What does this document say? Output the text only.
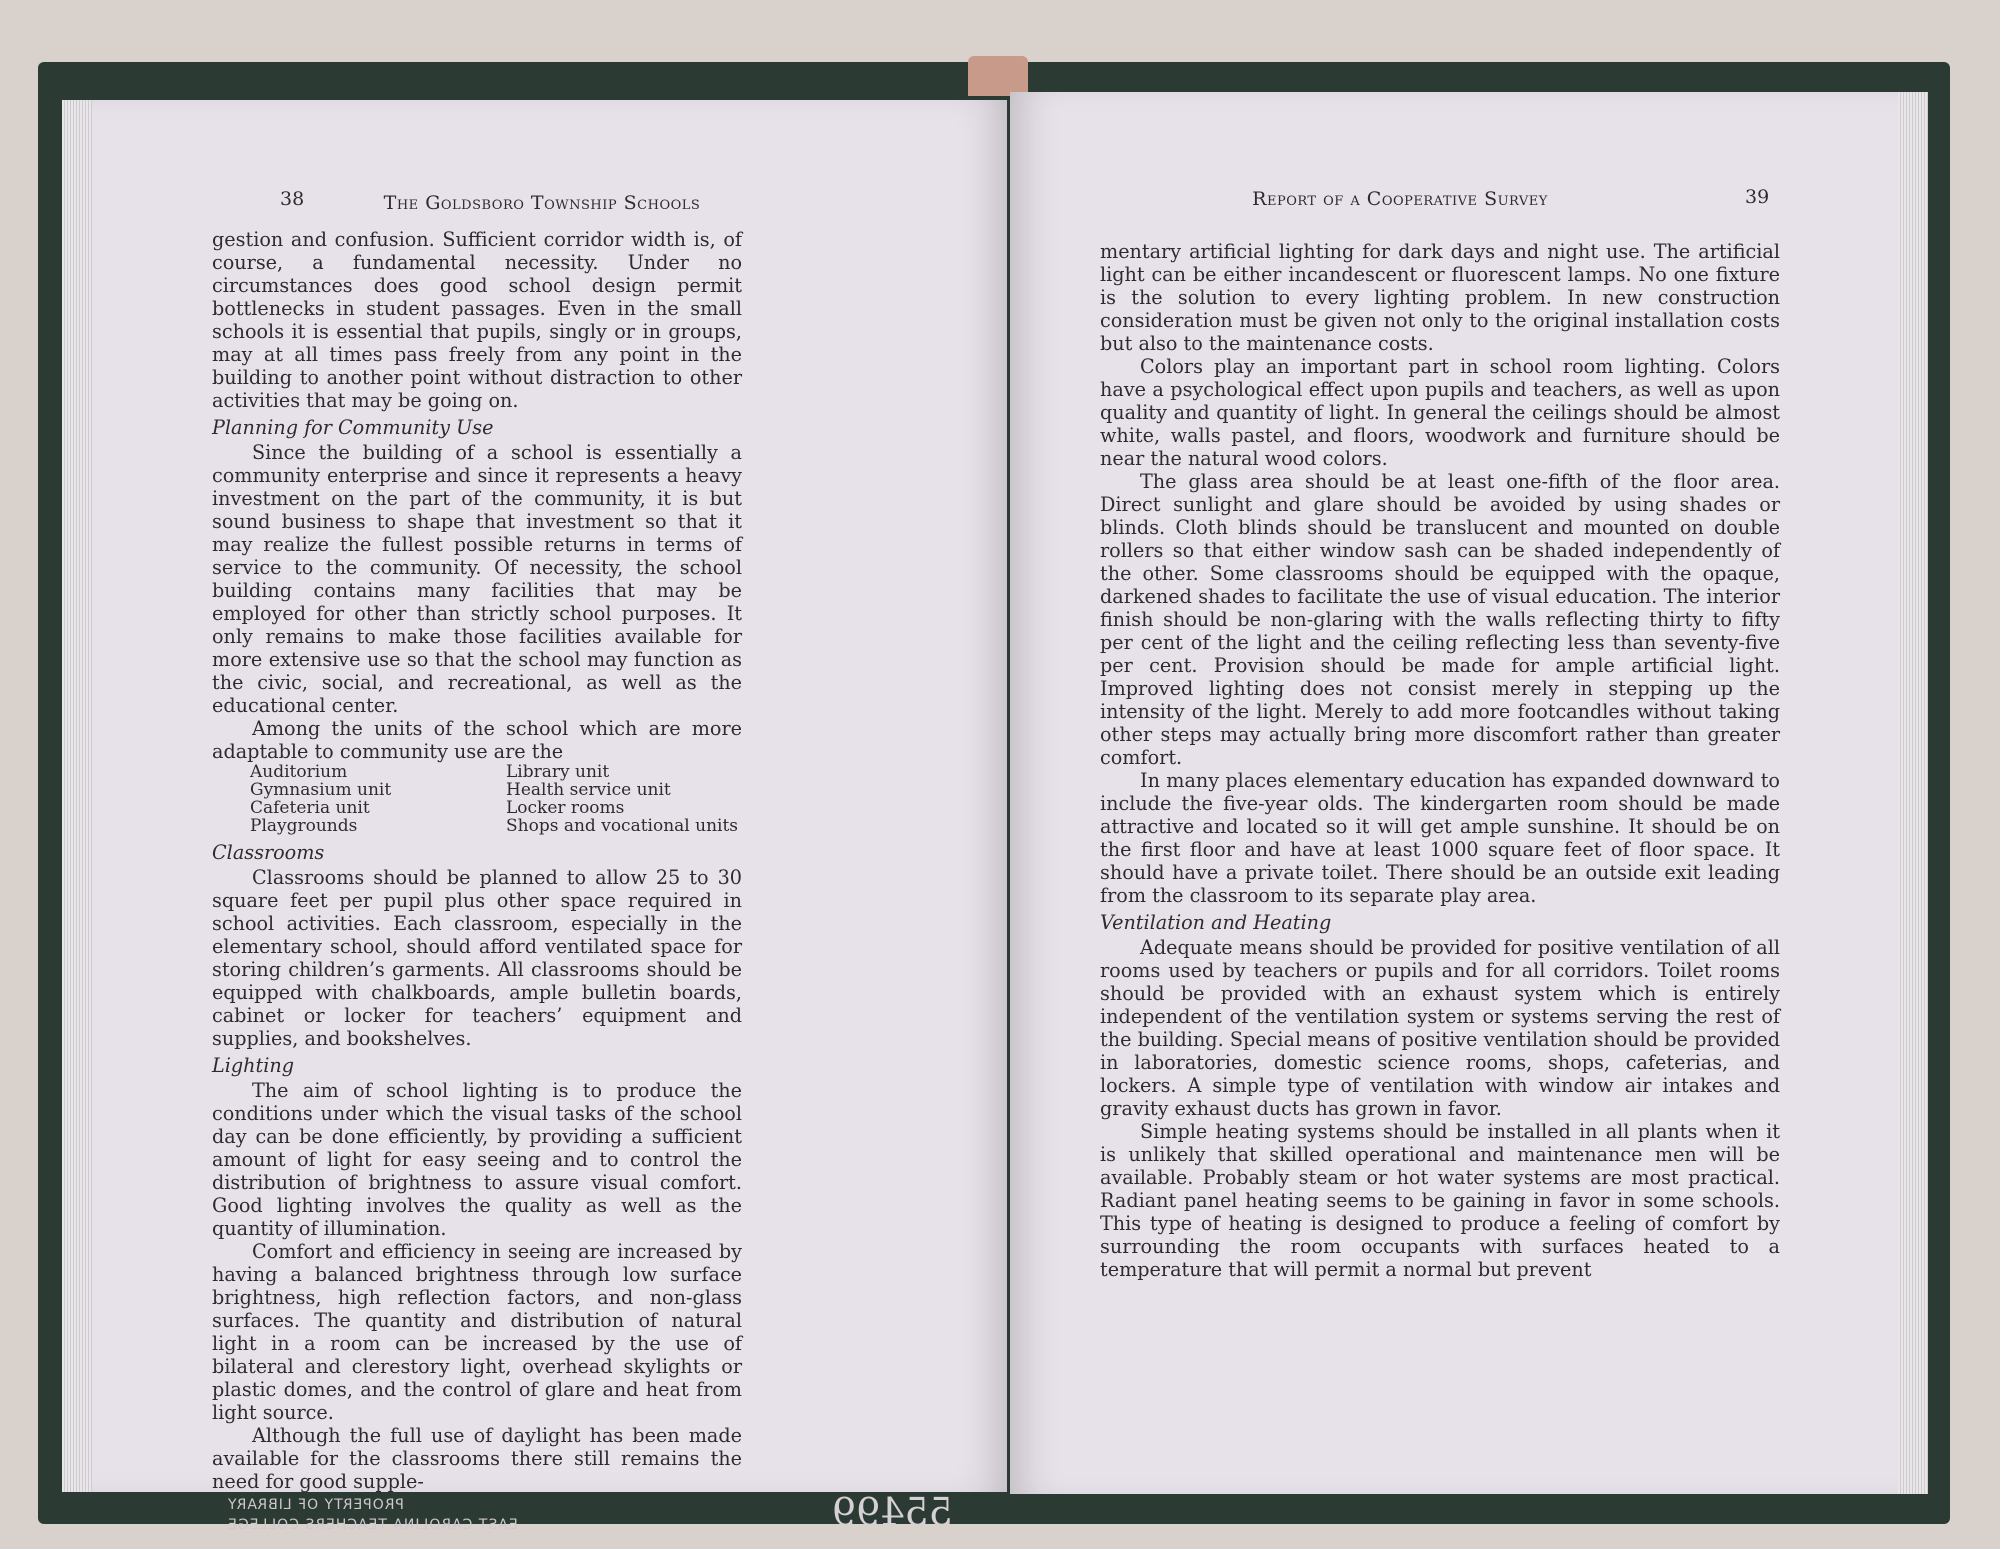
38	The Goldsboro Township Schools

gestion and confusion. Sufficient corridor width is, of course, a fundamental necessity. Under no circumstances does good school design permit bottlenecks in student passages. Even in the small schools it is essential that pupils, singly or in groups, may at all times pass freely from any point in the building to another point without distraction to other activities that may be going on.

Planning for Community Use

Since the building of a school is essentially a community enterprise and since it represents a heavy investment on the part of the community, it is but sound business to shape that investment so that it may realize the fullest possible returns in terms of service to the community. Of necessity, the school building contains many facilities that may be employed for other than strictly school purposes. It only remains to make those facilities available for more extensive use so that the school may function as the civic, social, and recreational, as well as the educational center.

Among the units of the school which are more adaptable to community use are the

Auditorium	Library unit
Gymnasium unit	Health service unit
Cafeteria unit	Locker rooms
Playgrounds	Shops and vocational units
Classrooms

Classrooms should be planned to allow 25 to 30 square feet per pupil plus other space required in school activities. Each classroom, especially in the elementary school, should afford ventilated space for storing children’s garments. All classrooms should be equipped with chalkboards, ample bulletin boards, cabinet or locker for teachers’ equipment and supplies, and bookshelves.

Lighting

The aim of school lighting is to produce the conditions under which the visual tasks of the school day can be done efficiently, by providing a sufficient amount of light for easy seeing and to control the distribution of brightness to assure visual comfort. Good lighting involves the quality as well as the quantity of illumination.

Comfort and efficiency in seeing are increased by having a balanced brightness through low surface brightness, high reflection factors, and non-glass surfaces. The quantity and distribution of natural light in a room can be increased by the use of bilateral and clerestory light, overhead skylights or plastic domes, and the control of glare and heat from light source.

Although the full use of daylight has been made available for the classrooms there still remains the need for good supple-

PROPERTY OF LIBRARY
EAST CAROLINA TEACHERS COLLEGE	55499
Report of a Cooperative Survey	39

mentary artificial lighting for dark days and night use. The artificial light can be either incandescent or fluorescent lamps. No one fixture is the solution to every lighting problem. In new construction consideration must be given not only to the original installation costs but also to the maintenance costs.

Colors play an important part in school room lighting. Colors have a psychological effect upon pupils and teachers, as well as upon quality and quantity of light. In general the ceilings should be almost white, walls pastel, and floors, woodwork and furniture should be near the natural wood colors.

The glass area should be at least one-fifth of the floor area. Direct sunlight and glare should be avoided by using shades or blinds. Cloth blinds should be translucent and mounted on double rollers so that either window sash can be shaded independently of the other. Some classrooms should be equipped with the opaque, darkened shades to facilitate the use of visual education. The interior finish should be non-glaring with the walls reflecting thirty to fifty per cent of the light and the ceiling reflecting less than seventy-five per cent. Provision should be made for ample artificial light. Improved lighting does not consist merely in stepping up the intensity of the light. Merely to add more footcandles without taking other steps may actually bring more discomfort rather than greater comfort.

In many places elementary education has expanded downward to include the five-year olds. The kindergarten room should be made attractive and located so it will get ample sunshine. It should be on the first floor and have at least 1000 square feet of floor space. It should have a private toilet. There should be an outside exit leading from the classroom to its separate play area.

Ventilation and Heating

Adequate means should be provided for positive ventilation of all rooms used by teachers or pupils and for all corridors. Toilet rooms should be provided with an exhaust system which is entirely independent of the ventilation system or systems serving the rest of the building. Special means of positive ventilation should be provided in laboratories, domestic science rooms, shops, cafeterias, and lockers. A simple type of ventilation with window air intakes and gravity exhaust ducts has grown in favor.

Simple heating systems should be installed in all plants when it is unlikely that skilled operational and maintenance men will be available. Probably steam or hot water systems are most practical. Radiant panel heating seems to be gaining in favor in some schools. This type of heating is designed to produce a feeling of comfort by surrounding the room occupants with surfaces heated to a temperature that will permit a normal but prevent
